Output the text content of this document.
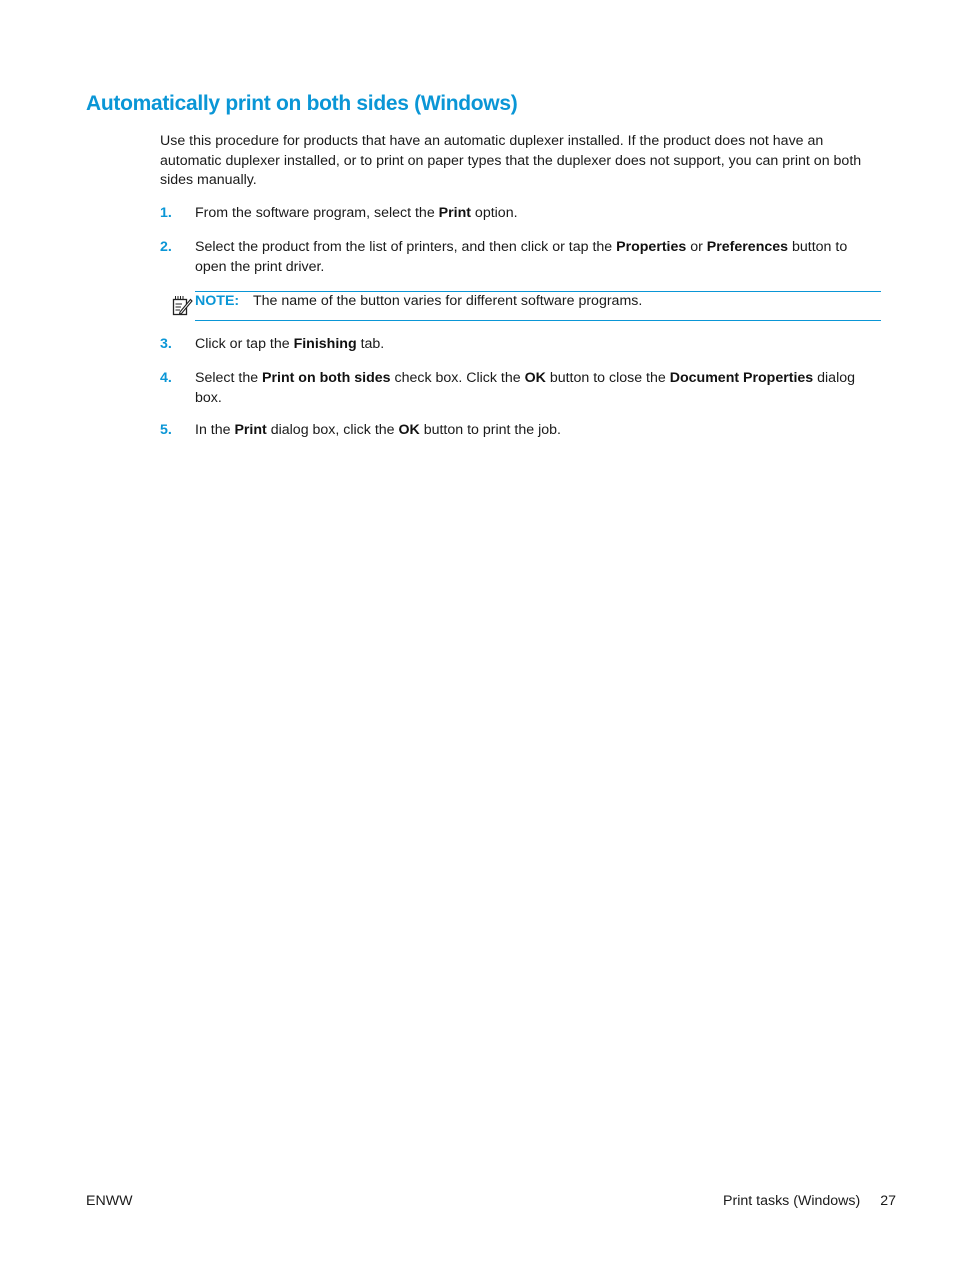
Automatically print on both sides (Windows)

Use this procedure for products that have an automatic duplexer installed. If the product does not have an automatic duplexer installed, or to print on paper types that the duplexer does not support, you can print on both sides manually.

1. From the software program, select the Print option.
2. Select the product from the list of printers, and then click or tap the Properties or Preferences button to open the print driver.
NOTE: The name of the button varies for different software programs.
3. Click or tap the Finishing tab.
4. Select the Print on both sides check box. Click the OK button to close the Document Properties dialog box.
5. In the Print dialog box, click the OK button to print the job.
ENWW	Print tasks (Windows) 27
